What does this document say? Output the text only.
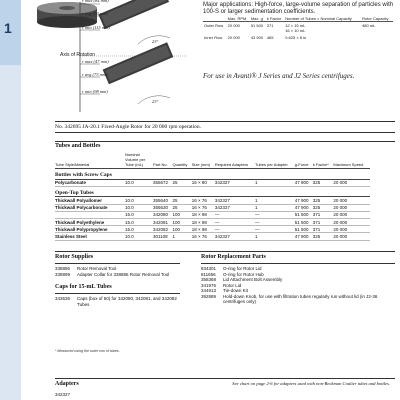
1
r max (84 mm)
r avg (99 mm)
r min (115 mm)
23°
r max (47 mm)
r avg (73 mm)
r min (98 mm)
23°
Axis of Rotation
Major applications: High-force, large-volume separation of particles with 100-S or larger sedimentation coefficients.
	Max. RPM	Max. g	k Factor	Number of Tubes × Nominal Capacity	Rotor Capacity
Outer Row	20 000	51 500	371	12 × 15 mL
16 × 10 mL	480 mL
Inner Row	20 000	43 900	465	0.625 × 8 in	
For use in Avanti® J Series and J2 Series centrifuges.
No. 342695 JA-20.1 Fixed-Angle Rotor for 20 000 rpm operation.
Tubes and Bottles
Tube Style/Material	Nominal Volume per Tube (mL)	Part No.	Quantity	Size (mm)	Required Adapters	Tubes per Adapter	g-Force	k Factor*	Maximum Speed
Bottles with Screw Caps									
Polycarbonate	10.0	355672	25	16 × 80	342327	1	47 900	325	20 000
Open-Top Tubes									
Thickwall Polyallomer	10.0	355640	25	16 × 76	342327	1	47 900	325	20 000
Thickwall Polycarbonate	10.0	355630	25	16 × 76	342327	1	47 900	325	20 000
	15.0	342080	100	18 × 98	—	—	51 500	371	20 000
Thickwall Polyethylene	15.0	342081	100	18 × 98	—	—	51 500	371	20 000
Thickwall Polypropylene	15.0	342082	100	18 × 98	—	—	51 500	371	20 000
Stainless Steel	10.0	301108	1	16 × 76	342327	1	47 900	325	20 000
Rotor Supplies
338886	Rotor Removal Tool
338899	Adapter Collar for 338886 Rotor Removal Tool
Caps for 15-mL Tubes
343636	Caps (box of 50) for 342080, 342081, and 342082 Tubes
Rotor Replacement Parts
834301	O-ring for Rotor Lid
811656	O-ring for Rotor Hub
358368	Lid Attachment Bolt Assembly
341976	Rotor Lid
344913	Tie-down Kit
392889	Hold-down Knob, for use with filtration tubes regularly run without lid (in J2-36 centrifuges only)
* Measured using the outer row of tubes.
Adapters	See chart on page 2-6 for adapters used with non-Beckman Coulter tubes and bottles.
342327
